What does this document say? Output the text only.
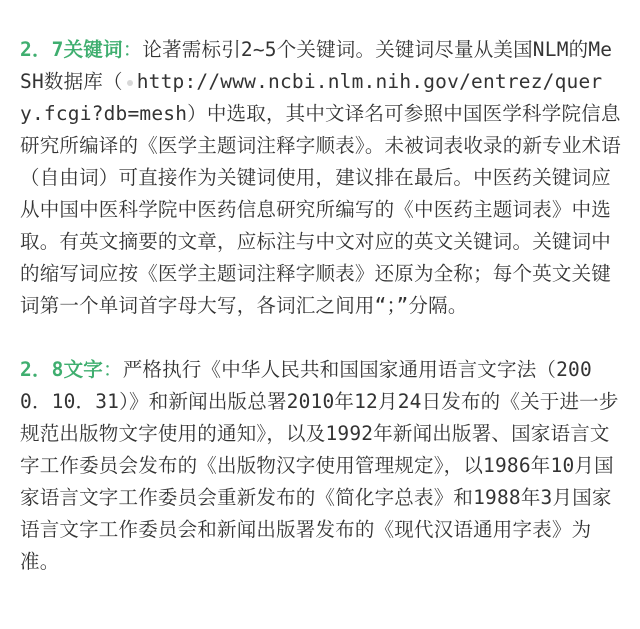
2．7关键词：论著需标引2~5个关键词。关键词尽量从美国NLM的MeSH数据库（ http://www.ncbi.nlm.nih.gov/entrez/query.fcgi?db=mesh）中选取，其中文译名可参照中国医学科学院信息研究所编译的《医学主题词注释字顺表》。未被词表收录的新专业术语（自由词）可直接作为关键词使用，建议排在最后。中医药关键词应从中国中医科学院中医药信息研究所编写的《中医药主题词表》中选取。有英文摘要的文章，应标注与中文对应的英文关键词。关键词中的缩写词应按《医学主题词注释字顺表》还原为全称；每个英文关键词第一个单词首字母大写，各词汇之间用“；”分隔。

2．8文字：严格执行《中华人民共和国国家通用语言文字法（2000．10．31）》和新闻出版总署2010年12月24日发布的《关于进一步规范出版物文字使用的通知》，以及1992年新闻出版署、国家语言文字工作委员会发布的《出版物汉字使用管理规定》，以1986年10月国家语言文字工作委员会重新发布的《简化字总表》和1988年3月国家语言文字工作委员会和新闻出版署发布的《现代汉语通用字表》为准。
